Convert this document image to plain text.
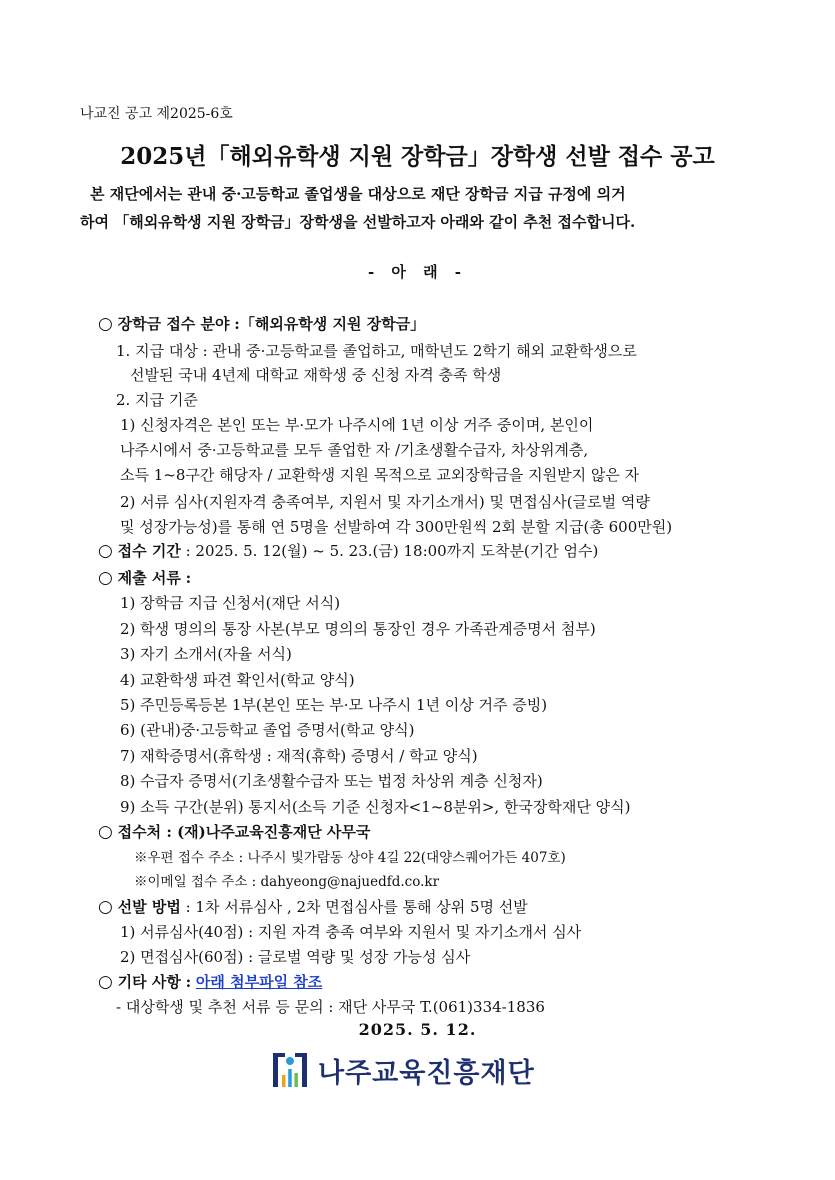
나교진 공고 제2025-6호
2025년「해외유학생 지원 장학금」장학생 선발 접수 공고
본 재단에서는 관내 중·고등학교 졸업생을 대상으로 재단 장학금 지급 규정에 의거
하여 「해외유학생 지원 장학금」장학생을 선발하고자 아래와 같이 추천 접수합니다.
- 아 래 -
○ 장학금 접수 분야 :「해외유학생 지원 장학금」
1. 지급 대상 : 관내 중·고등학교를 졸업하고, 매학년도 2학기 해외 교환학생으로
선발된 국내 4년제 대학교 재학생 중 신청 자격 충족 학생
2. 지급 기준
1) 신청자격은 본인 또는 부·모가 나주시에 1년 이상 거주 중이며, 본인이
나주시에서 중·고등학교를 모두 졸업한 자 /기초생활수급자, 차상위계층,
소득 1~8구간 해당자 / 교환학생 지원 목적으로 교외장학금을 지원받지 않은 자
2) 서류 심사(지원자격 충족여부, 지원서 및 자기소개서) 및 면접심사(글로벌 역량
및 성장가능성)를 통해 연 5명을 선발하여 각 300만원씩 2회 분할 지급(총 600만원)
○ 접수 기간 : 2025. 5. 12(월) ~ 5. 23.(금) 18:00까지 도착분(기간 엄수)
○ 제출 서류 :
1) 장학금 지급 신청서(재단 서식)
2) 학생 명의의 통장 사본(부모 명의의 통장인 경우 가족관계증명서 첨부)
3) 자기 소개서(자율 서식)
4) 교환학생 파견 확인서(학교 양식)
5) 주민등록등본 1부(본인 또는 부·모 나주시 1년 이상 거주 증빙)
6) (관내)중·고등학교 졸업 증명서(학교 양식)
7) 재학증명서(휴학생 : 재적(휴학) 증명서 / 학교 양식)
8) 수급자 증명서(기초생활수급자 또는 법정 차상위 계층 신청자)
9) 소득 구간(분위) 통지서(소득 기준 신청자<1~8분위>, 한국장학재단 양식)
○ 접수처 : (재)나주교육진흥재단 사무국
※우편 접수 주소 : 나주시 빛가람동 상야 4길 22(대양스퀘어가든 407호)
※이메일 접수 주소 : dahyeong@najuedfd.co.kr
○ 선발 방법 : 1차 서류심사 , 2차 면접심사를 통해 상위 5명 선발
1) 서류심사(40점) : 지원 자격 충족 여부와 지원서 및 자기소개서 심사
2) 면접심사(60점) : 글로벌 역량 및 성장 가능성 심사
○ 기타 사항 : 아래 첨부파일 참조
- 대상학생 및 추천 서류 등 문의 : 재단 사무국 T.(061)334-1836
2025. 5. 12.
나주교육진흥재단
